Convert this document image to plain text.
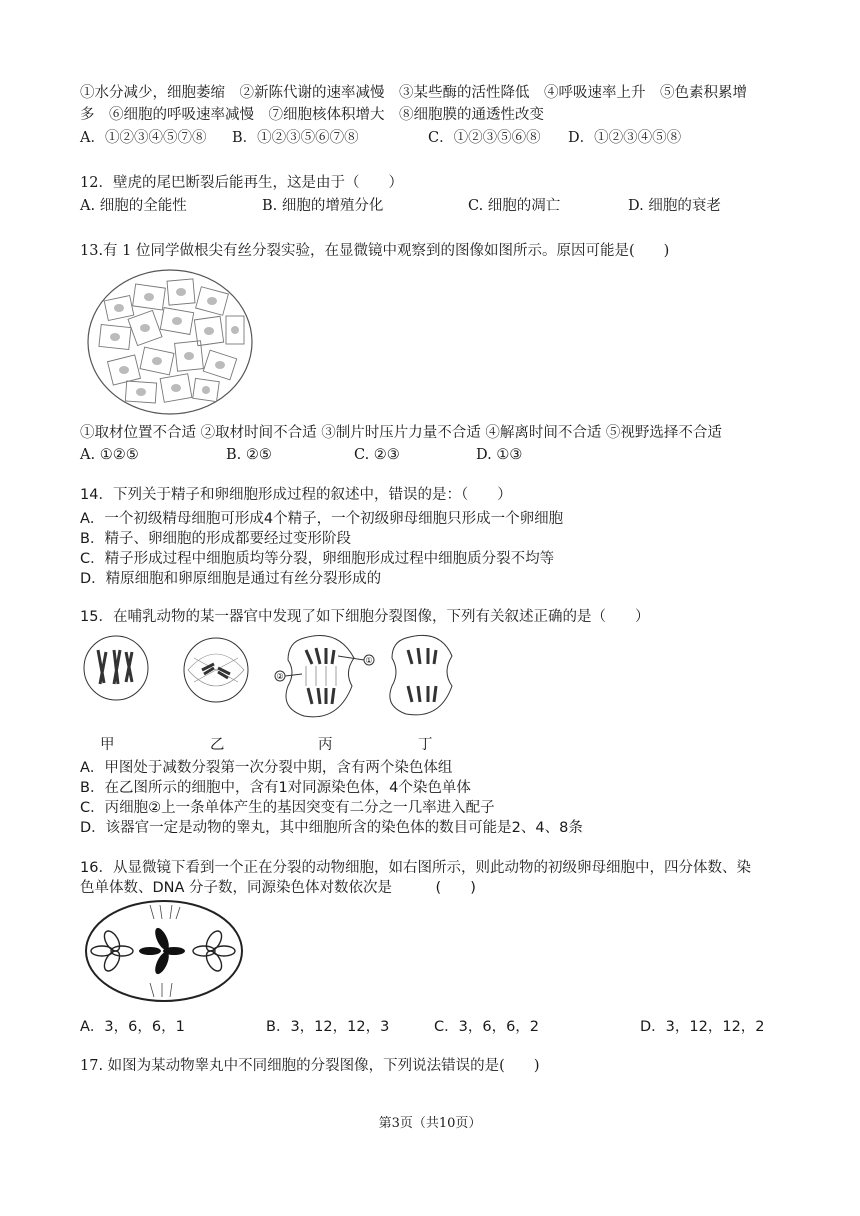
①水分减少，细胞萎缩　②新陈代谢的速率减慢　③某些酶的活性降低　④呼吸速率上升　⑤色素积累增
多　⑥细胞的呼吸速率减慢　⑦细胞核体积增大　⑧细胞膜的通透性改变
A．①②③④⑤⑦⑧ B．①②③⑤⑥⑦⑧	C．①②③⑤⑥⑧ D．①②③④⑤⑧
12．壁虎的尾巴断裂后能再生，这是由于（　　）
A. 细胞的全能性	B. 细胞的增殖分化	C. 细胞的凋亡	D. 细胞的衰老
13.有 1 位同学做根尖有丝分裂实验，在显微镜中观察到的图像如图所示。原因可能是(　　)
①取材位置不合适 ②取材时间不合适 ③制片时压片力量不合适 ④解离时间不合适 ⑤视野选择不合适
A. ①②⑤	B. ②⑤	C. ②③	D. ①③
14．下列关于精子和卵细胞形成过程的叙述中，错误的是：（　　）
A．一个初级精母细胞可形成4个精子，一个初级卵母细胞只形成一个卵细胞
B．精子、卵细胞的形成都要经过变形阶段
C．精子形成过程中细胞质均等分裂，卵细胞形成过程中细胞质分裂不均等
D．精原细胞和卵原细胞是通过有丝分裂形成的
15．在哺乳动物的某一器官中发现了如下细胞分裂图像，下列有关叙述正确的是（　　）
①
②
甲	乙	丙	丁
A．甲图处于减数分裂第一次分裂中期，含有两个染色体组
B．在乙图所示的细胞中，含有1对同源染色体，4个染色单体
C．丙细胞②上一条单体产生的基因突变有二分之一几率进入配子
D．该器官一定是动物的睾丸，其中细胞所含的染色体的数目可能是2、4、8条
16．从显微镜下看到一个正在分裂的动物细胞，如右图所示，则此动物的初级卵母细胞中，四分体数、染
色单体数、DNA 分子数，同源染色体对数依次是　　　(　　)
A．3，6，6，1	B．3，12，12，3	C．3，6，6，2	D．3，12，12，2
17. 如图为某动物睾丸中不同细胞的分裂图像，下列说法错误的是(　　)
第3页（共10页）
